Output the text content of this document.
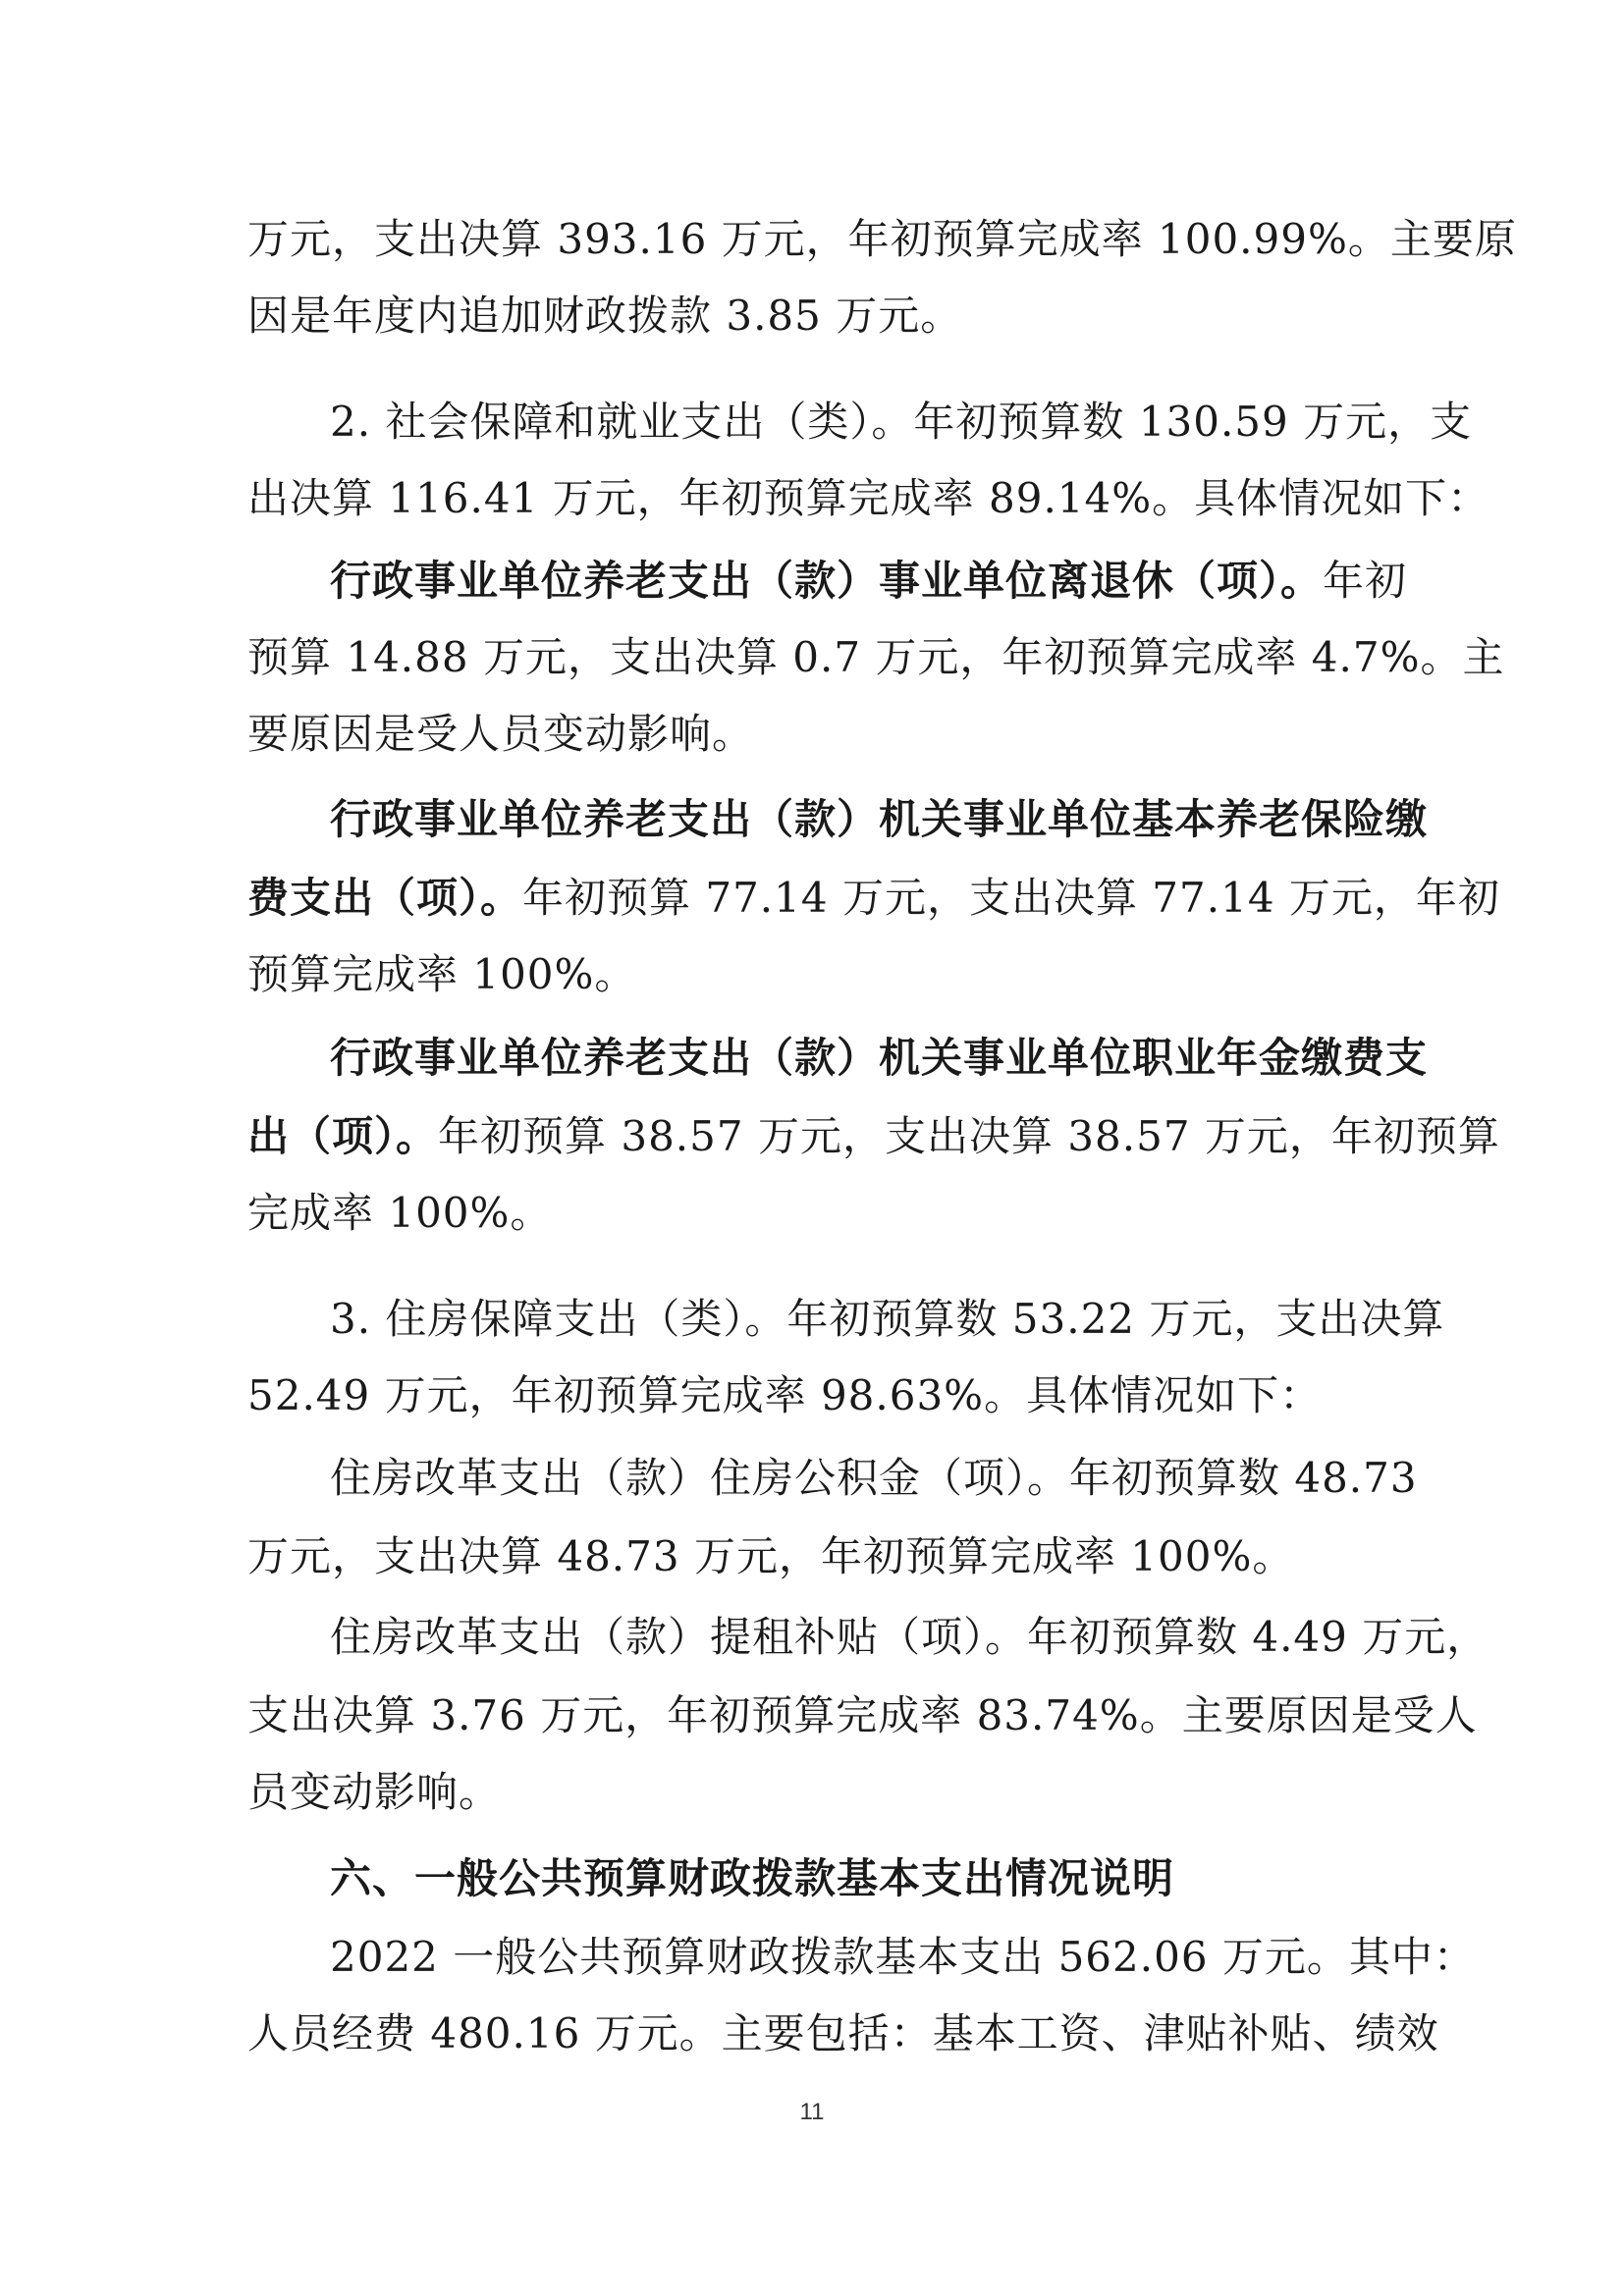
万元，支出决算 393.16 万元，年初预算完成率 100.99%。主要原
因是年度内追加财政拨款 3.85 万元。
2. 社会保障和就业支出（类）。年初预算数 130.59 万元，支
出决算 116.41 万元，年初预算完成率 89.14%。具体情况如下：
行政事业单位养老支出（款）事业单位离退休（项）。 年初
预算 14.88 万元，支出决算 0.7 万元，年初预算完成率 4.7%。主
要原因是受人员变动影响。
行政事业单位养老支出（款）机关事业单位基本养老保险缴
费支出（项）。 年初预算 77.14 万元，支出决算 77.14 万元，年初
预算完成率 100%。
行政事业单位养老支出（款）机关事业单位职业年金缴费支
出（项）。 年初预算 38.57 万元，支出决算 38.57 万元，年初预算
完成率 100%。
3. 住房保障支出（类）。年初预算数 53.22 万元，支出决算
52.49 万元，年初预算完成率 98.63%。具体情况如下：
住房改革支出（款）住房公积金（项）。年初预算数 48.73
万元，支出决算 48.73 万元，年初预算完成率 100%。
住房改革支出（款）提租补贴（项）。年初预算数 4.49 万元，
支出决算 3.76 万元，年初预算完成率 83.74%。主要原因是受人
员变动影响。
六、一般公共预算财政拨款基本支出情况说明
2022 一般公共预算财政拨款基本支出 562.06 万元。其中：
人员经费 480.16 万元。主要包括：基本工资、津贴补贴、绩效
11
